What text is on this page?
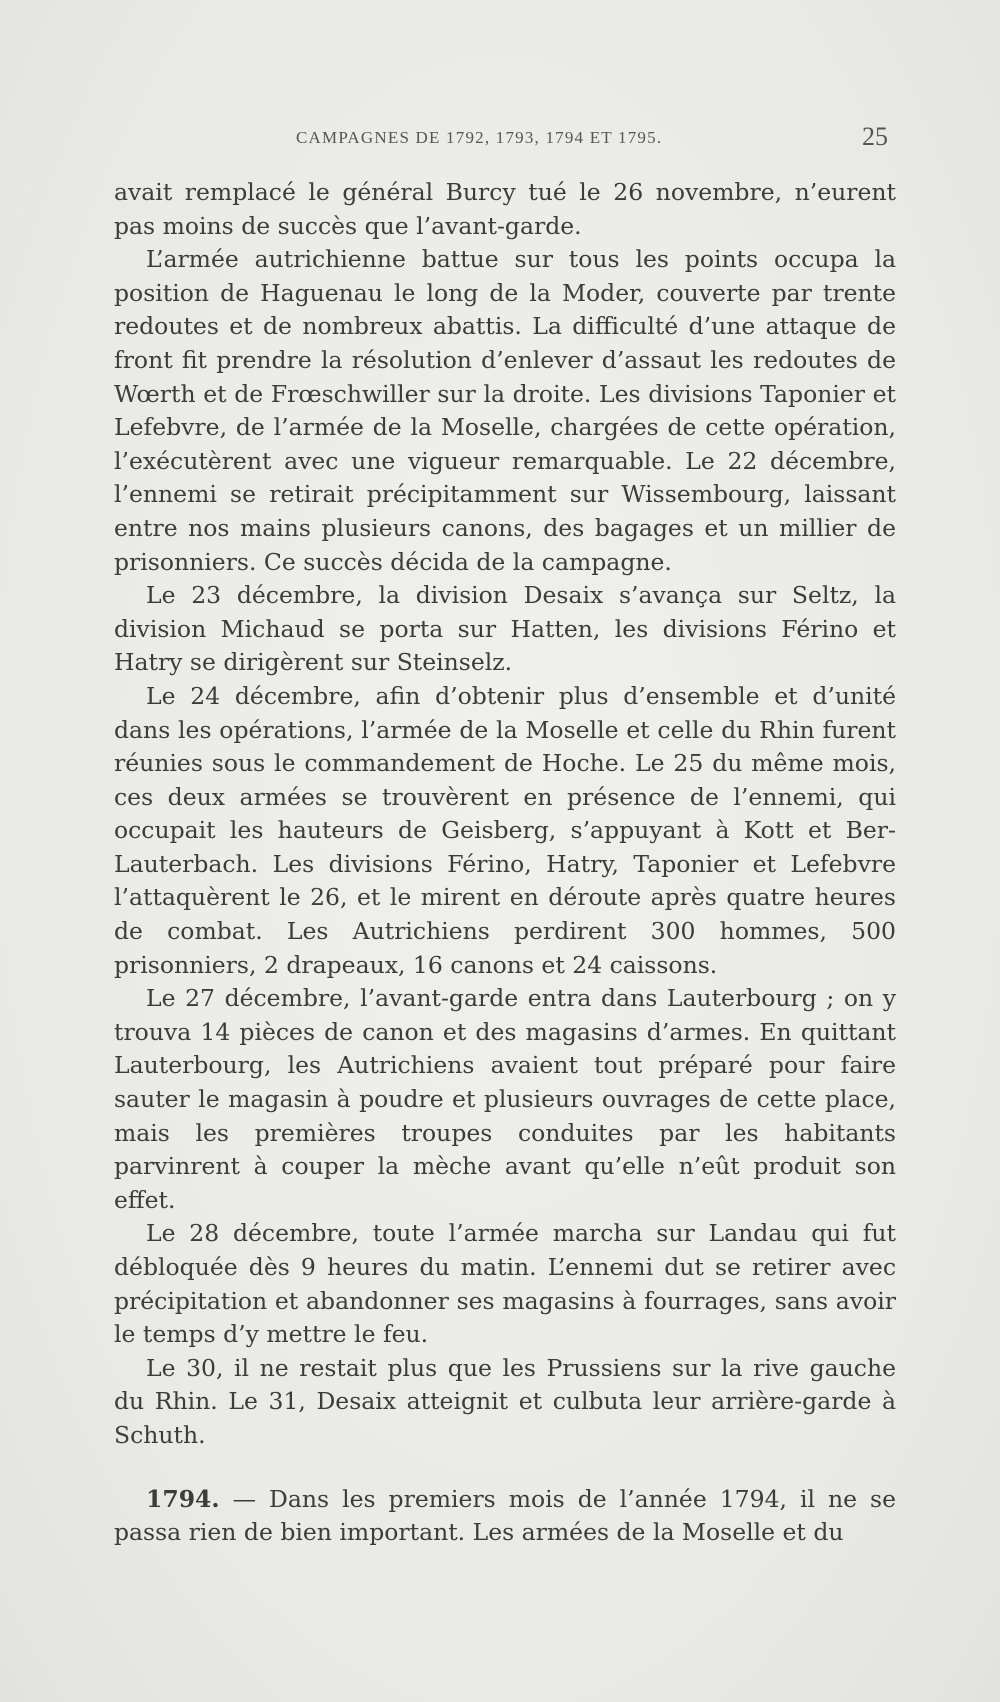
CAMPAGNES DE 1792, 1793, 1794 ET 1795.	25

avait remplacé le général Burcy tué le 26 novembre, n’eurent pas moins de succès que l’avant-garde.

L’armée autrichienne battue sur tous les points occupa la position de Haguenau le long de la Moder, couverte par trente redoutes et de nombreux abattis. La difficulté d’une attaque de front fit prendre la résolution d’enlever d’assaut les redoutes de Wœrth et de Frœschwiller sur la droite. Les divisions Taponier et Lefebvre, de l’armée de la Moselle, chargées de cette opération, l’exécutèrent avec une vigueur remarquable. Le 22 décembre, l’ennemi se retirait précipitamment sur Wissembourg, laissant entre nos mains plusieurs canons, des bagages et un millier de prisonniers. Ce succès décida de la campagne.

Le 23 décembre, la division Desaix s’avança sur Seltz, la division Michaud se porta sur Hatten, les divisions Férino et Hatry se dirigèrent sur Steinselz.

Le 24 décembre, afin d’obtenir plus d’ensemble et d’unité dans les opérations, l’armée de la Moselle et celle du Rhin furent réunies sous le commandement de Hoche. Le 25 du même mois, ces deux armées se trouvèrent en présence de l’ennemi, qui occupait les hauteurs de Geisberg, s’appuyant à Kott et Ber-Lauterbach. Les divisions Férino, Hatry, Taponier et Lefebvre l’attaquèrent le 26, et le mirent en déroute après quatre heures de combat. Les Autrichiens perdirent 300 hommes, 500 prisonniers, 2 drapeaux, 16 canons et 24 caissons.

Le 27 décembre, l’avant-garde entra dans Lauterbourg ; on y trouva 14 pièces de canon et des magasins d’armes. En quittant Lauterbourg, les Autrichiens avaient tout préparé pour faire sauter le magasin à poudre et plusieurs ouvrages de cette place, mais les premières troupes conduites par les habitants parvinrent à couper la mèche avant qu’elle n’eût produit son effet.

Le 28 décembre, toute l’armée marcha sur Landau qui fut débloquée dès 9 heures du matin. L’ennemi dut se retirer avec précipitation et abandonner ses magasins à fourrages, sans avoir le temps d’y mettre le feu.

Le 30, il ne restait plus que les Prussiens sur la rive gauche du Rhin. Le 31, Desaix atteignit et culbuta leur arrière-garde à Schuth.

1794. — Dans les premiers mois de l’année 1794, il ne se passa rien de bien important. Les armées de la Moselle et du
